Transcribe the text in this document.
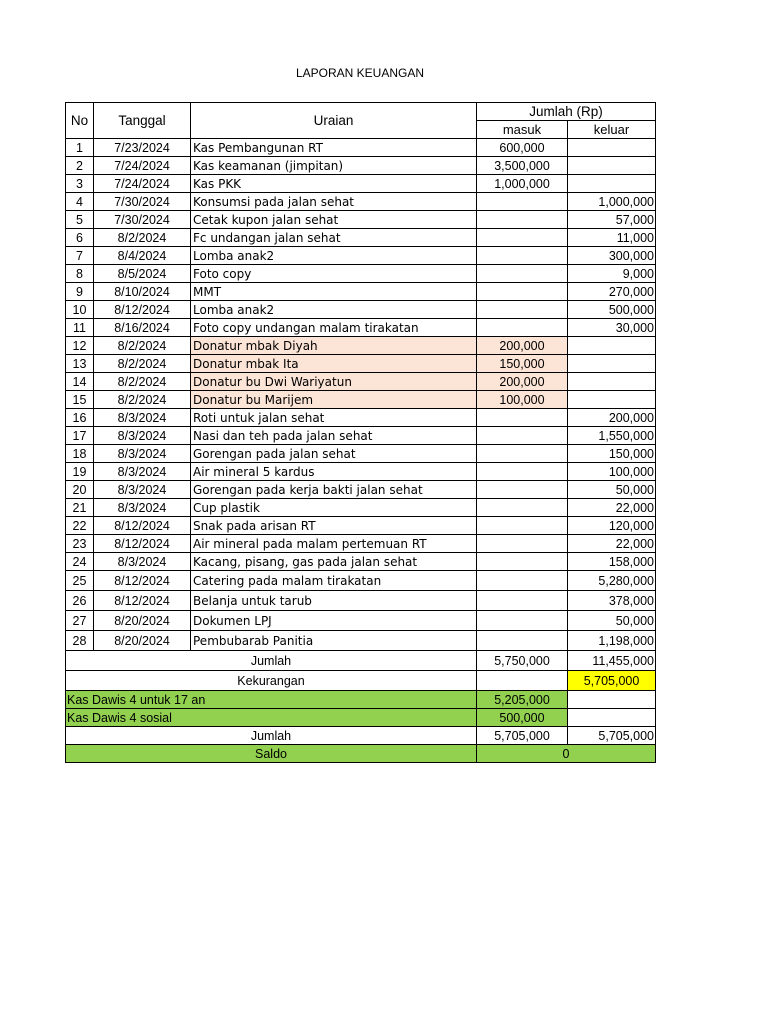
LAPORAN KEUANGAN
No	Tanggal	Uraian	Jumlah (Rp)	
			masuk	keluar
1	7/23/2024	Kas Pembangunan RT	600,000	
2	7/24/2024	Kas keamanan (jimpitan)	3,500,000	
3	7/24/2024	Kas PKK	1,000,000	
4	7/30/2024	Konsumsi pada jalan sehat		1,000,000
5	7/30/2024	Cetak kupon jalan sehat		57,000
6	8/2/2024	Fc undangan jalan sehat		11,000
7	8/4/2024	Lomba anak2		300,000
8	8/5/2024	Foto copy		9,000
9	8/10/2024	MMT		270,000
10	8/12/2024	Lomba anak2		500,000
11	8/16/2024	Foto copy undangan malam tirakatan		30,000
12	8/2/2024	Donatur mbak Diyah	200,000	
13	8/2/2024	Donatur mbak Ita	150,000	
14	8/2/2024	Donatur bu Dwi Wariyatun	200,000	
15	8/2/2024	Donatur bu Marijem	100,000	
16	8/3/2024	Roti untuk jalan sehat		200,000
17	8/3/2024	Nasi dan teh pada jalan sehat		1,550,000
18	8/3/2024	Gorengan pada jalan sehat		150,000
19	8/3/2024	Air mineral 5 kardus		100,000
20	8/3/2024	Gorengan pada kerja bakti jalan sehat		50,000
21	8/3/2024	Cup plastik		22,000
22	8/12/2024	Snak pada arisan RT		120,000
23	8/12/2024	Air mineral pada malam pertemuan RT		22,000
24	8/3/2024	Kacang, pisang, gas pada jalan sehat		158,000
25	8/12/2024	Catering pada malam tirakatan		5,280,000
26	8/12/2024	Belanja untuk tarub		378,000
27	8/20/2024	Dokumen LPJ		50,000
28	8/20/2024	Pembubarab Panitia		1,198,000
Jumlah			5,750,000	11,455,000
Kekurangan				5,705,000
Kas Dawis 4 untuk 17 an			5,205,000	
Kas Dawis 4 sosial			500,000	
Jumlah			5,705,000	5,705,000
Saldo			0	
